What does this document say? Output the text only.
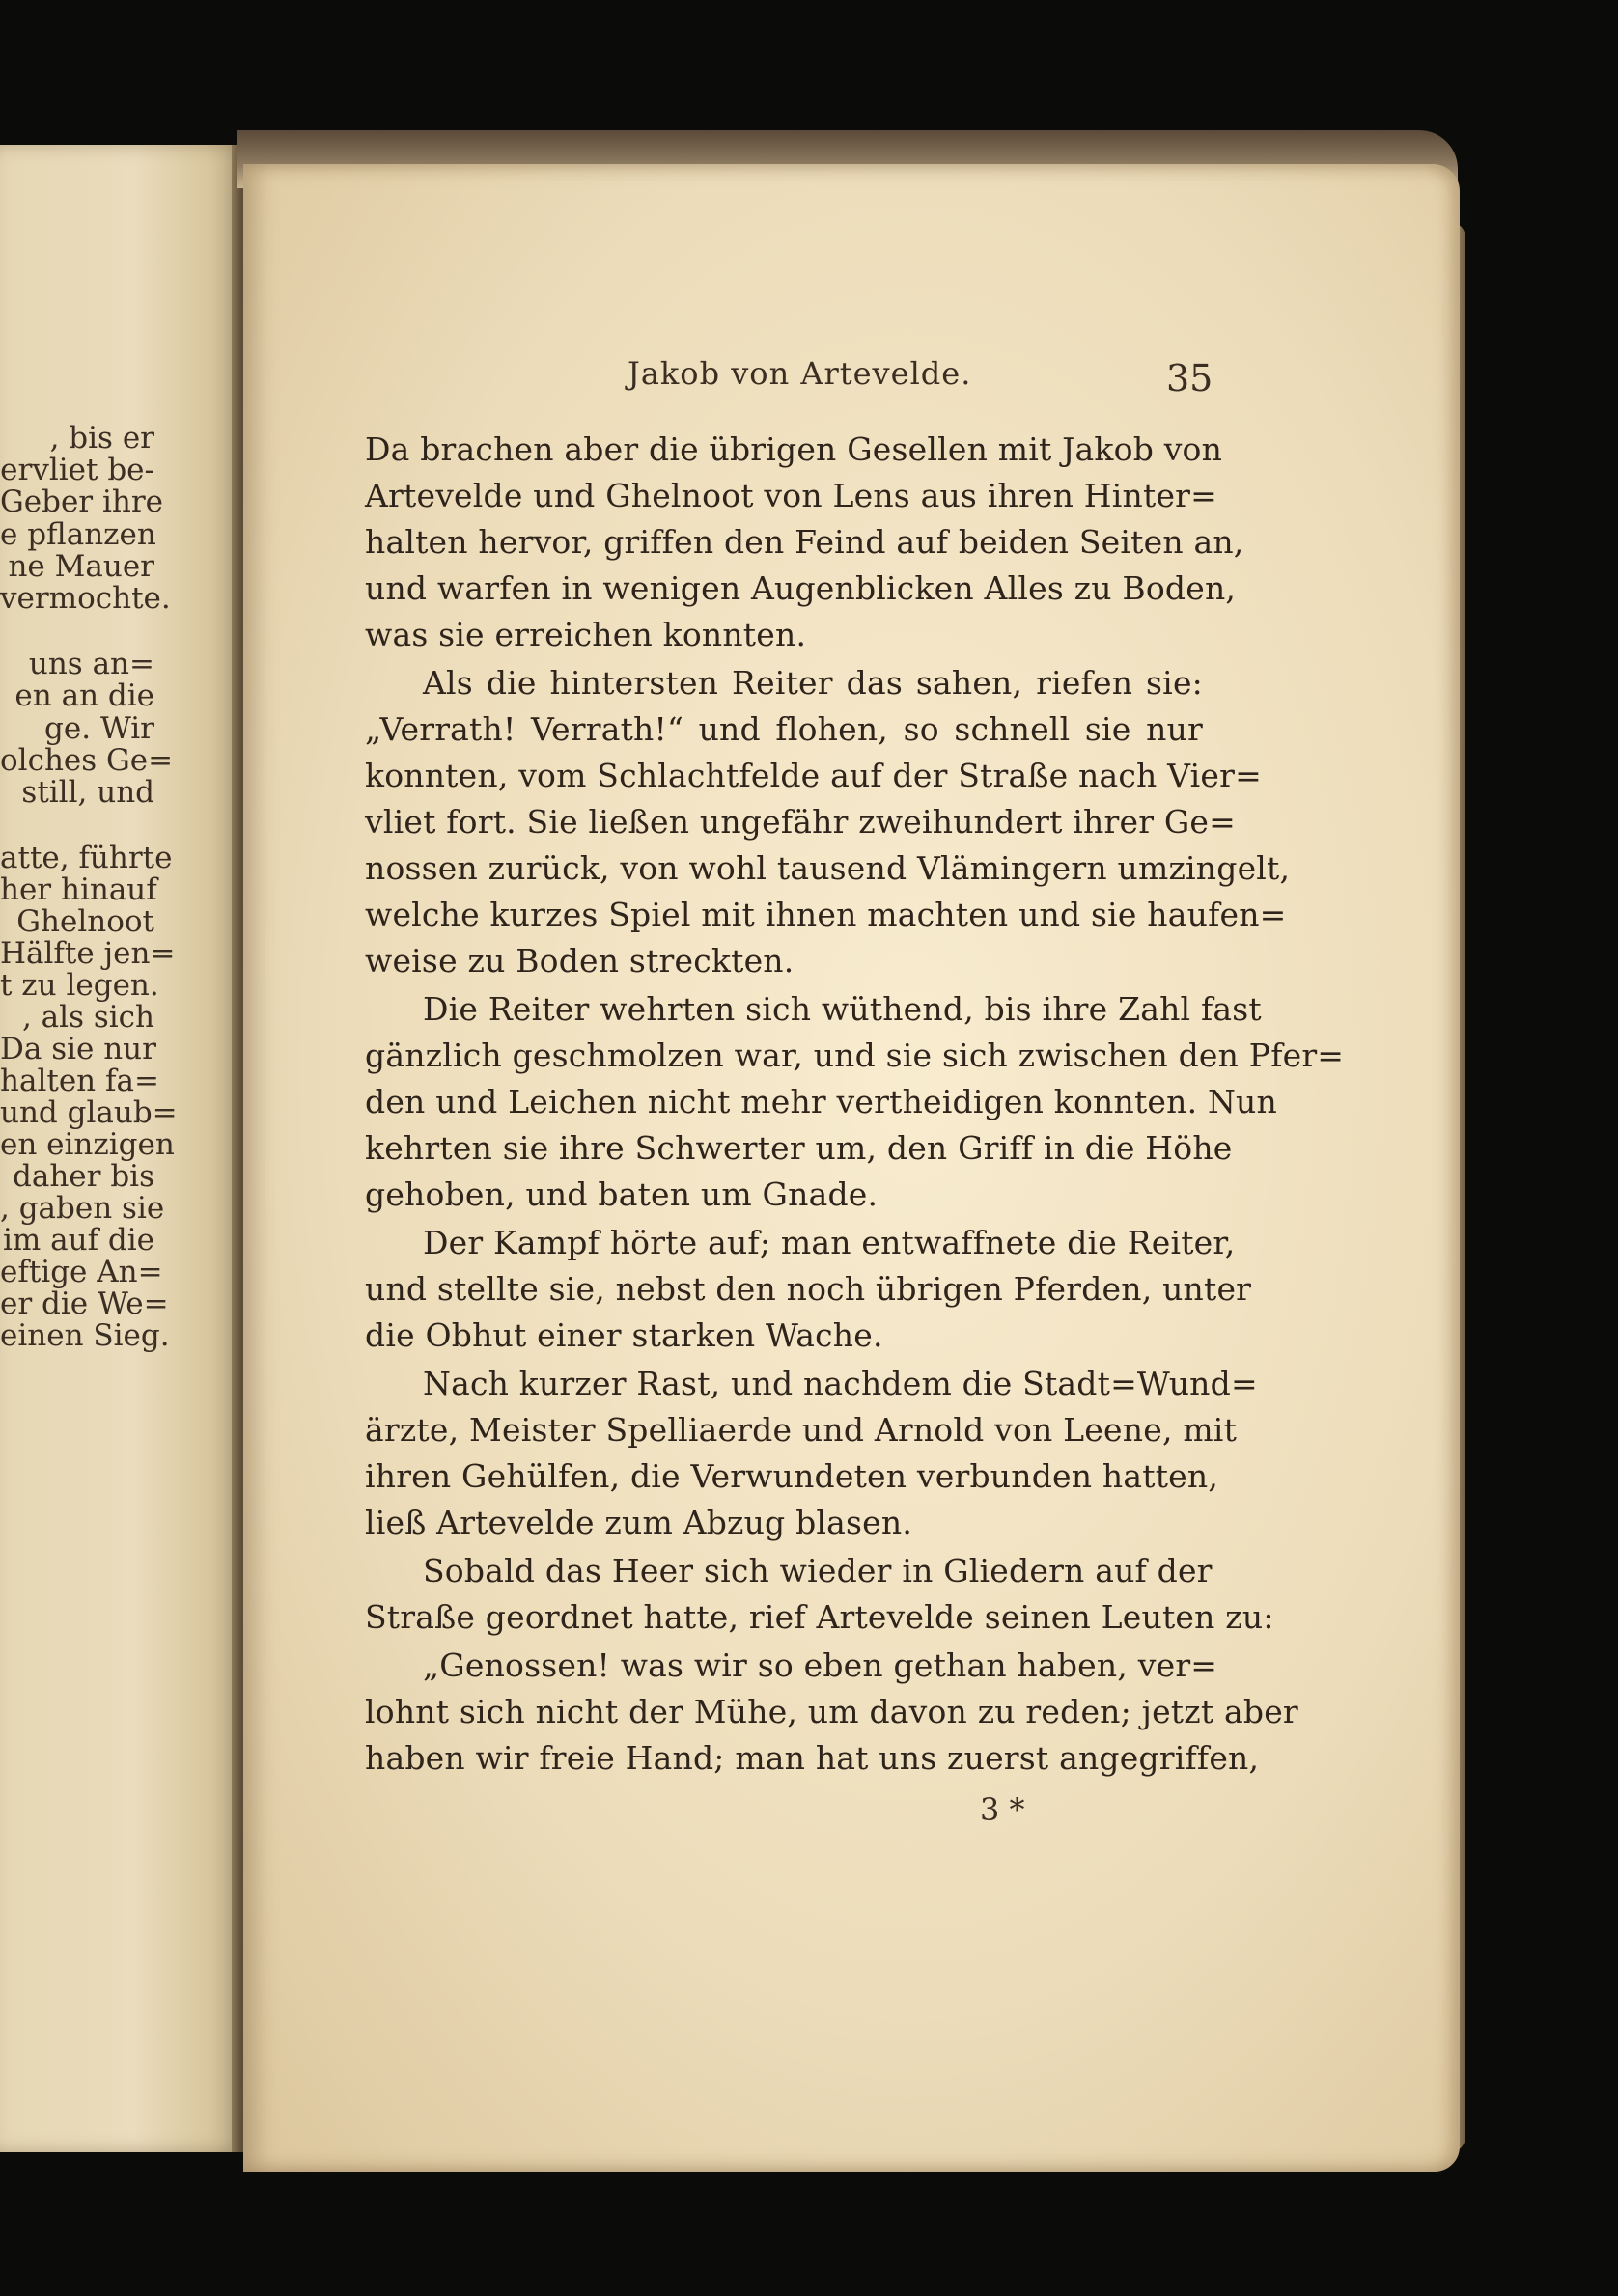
, bis er
ervliet be-
Geber ihre
e pflanzen
ne Mauer
vermochte.
uns an=
en an die
ge. Wir
olches Ge=
still, und
atte, führte
her hinauf
Ghelnoot
Hälfte jen=
t zu legen.
, als sich
Da sie nur
halten fa=
und glaub=
en einzigen
daher bis
, gaben sie
im auf die
eftige An=
er die We=
einen Sieg.
Jakob von Artevelde.	35
Da brachen aber die übrigen Gesellen mit Jakob von
Artevelde und Ghelnoot von Lens aus ihren Hinter=
halten hervor, griffen den Feind auf beiden Seiten an,
und warfen in wenigen Augenblicken Alles zu Boden,
was sie erreichen konnten.
Als die hintersten Reiter das sahen, riefen sie:
„Verrath! Verrath!“ und flohen, so schnell sie nur
konnten, vom Schlachtfelde auf der Straße nach Vier=
vliet fort. Sie ließen ungefähr zweihundert ihrer Ge=
nossen zurück, von wohl tausend Vlämingern umzingelt,
welche kurzes Spiel mit ihnen machten und sie haufen=
weise zu Boden streckten.
Die Reiter wehrten sich wüthend, bis ihre Zahl fast
gänzlich geschmolzen war, und sie sich zwischen den Pfer=
den und Leichen nicht mehr vertheidigen konnten. Nun
kehrten sie ihre Schwerter um, den Griff in die Höhe
gehoben, und baten um Gnade.
Der Kampf hörte auf; man entwaffnete die Reiter,
und stellte sie, nebst den noch übrigen Pferden, unter
die Obhut einer starken Wache.
Nach kurzer Rast, und nachdem die Stadt=Wund=
ärzte, Meister Spelliaerde und Arnold von Leene, mit
ihren Gehülfen, die Verwundeten verbunden hatten,
ließ Artevelde zum Abzug blasen.
Sobald das Heer sich wieder in Gliedern auf der
Straße geordnet hatte, rief Artevelde seinen Leuten zu:
„Genossen! was wir so eben gethan haben, ver=
lohnt sich nicht der Mühe, um davon zu reden; jetzt aber
haben wir freie Hand; man hat uns zuerst angegriffen,
3 *
